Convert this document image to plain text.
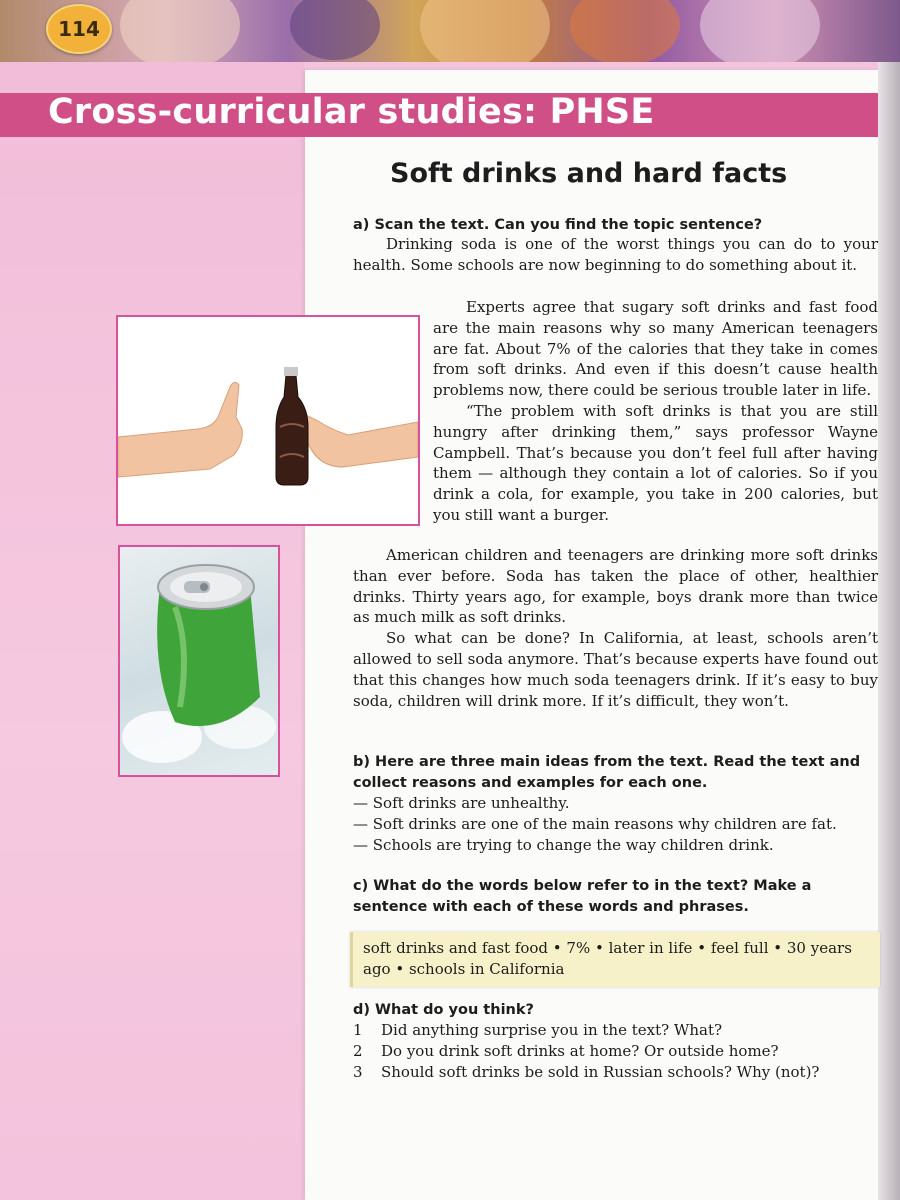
114
Cross-curricular studies: PHSE
Soft drinks and hard facts
a) Scan the text. Can you find the topic sentence?

Drinking soda is one of the worst things you can do to your health. Some schools are now beginning to do something about it.

Experts agree that sugary soft drinks and fast food are the main reasons why so many American teenagers are fat. About 7% of the calories that they take in comes from soft drinks. And even if this doesn’t cause health problems now, there could be serious trouble later in life.

“The problem with soft drinks is that you are still hungry after drinking them,” says professor Wayne Campbell. That’s because you don’t feel full after having them — although they contain a lot of calories. So if you drink a cola, for example, you take in 200 calories, but you still want a burger.

American children and teenagers are drinking more soft drinks than ever before. Soda has taken the place of other, healthier drinks. Thirty years ago, for example, boys drank more than twice as much milk as soft drinks.

So what can be done? In California, at least, schools aren’t allowed to sell soda anymore. That’s because experts have found out that this changes how much soda teenagers drink. If it’s easy to buy soda, children will drink more. If it’s difficult, they won’t.

b) Here are three main ideas from the text. Read the text and collect reasons and examples for each one.
— Soft drinks are unhealthy.
— Soft drinks are one of the main reasons why children are fat.
— Schools are trying to change the way children drink.
c) What do the words below refer to in the text? Make a sentence with each of these words and phrases.
soft drinks and fast food • 7% • later in life • feel full • 30 years ago • schools in California
d) What do you think?
1 Did anything surprise you in the text? What?
2 Do you drink soft drinks at home? Or outside home?
3 Should soft drinks be sold in Russian schools? Why (not)?
